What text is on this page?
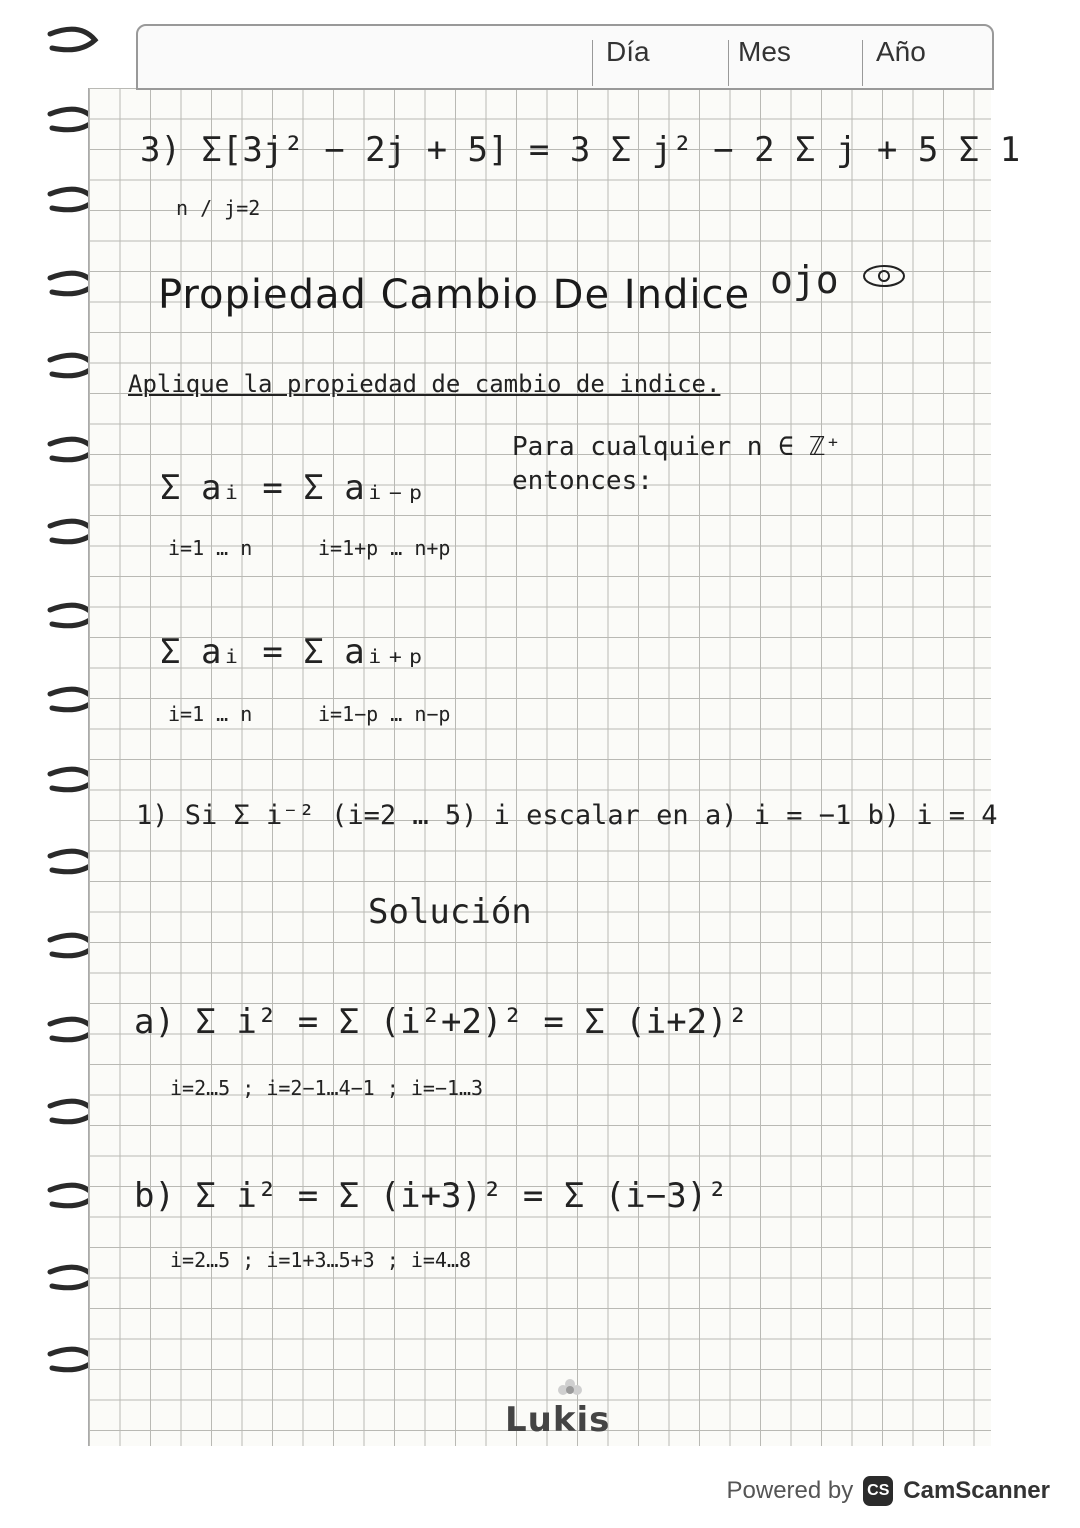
Día	Mes	Año
3) Σ[3j² − 2j + 5] = 3 Σ j² − 2 Σ j + 5 Σ 1
n / j=2
Propiedad Cambio De Indice ojo
Aplique la propiedad de cambio de indice.
Σ aᵢ = Σ aᵢ₋ₚ
i=1 … n	i=1+p … n+p
Para cualquier n ∈ ℤ⁺ entonces:
Σ aᵢ = Σ aᵢ₊ₚ
i=1 … n	i=1−p … n−p
1) Si Σ i⁻² (i=2 … 5) i escalar en a) i = −1 b) i = 4
Solución
a) Σ i² = Σ (i²+2)² = Σ (i+2)²
i=2…5 ; i=2−1…4−1 ; i=−1…3
b) Σ i² = Σ (i+3)² = Σ (i−3)²
i=2…5 ; i=1+3…5+3 ; i=4…8
Lukis
Powered by CS CamScanner
